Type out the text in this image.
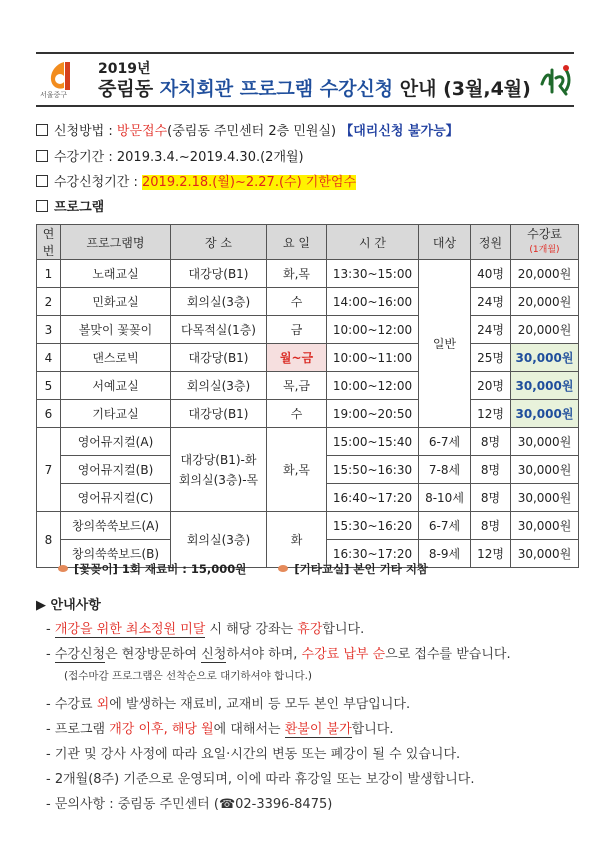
서울중구
2019년
중림동 자치회관 프로그램 수강신청 안내 (3월,4월)
신청방법 : 방문접수(중림동 주민센터 2층 민원실) 【대리신청 불가능】
수강기간 : 2019.3.4.~2019.4.30.(2개월)
수강신청기간 : 2019.2.18.(월)~2.27.(수) 기한엄수
프로그램
연번	프로그램명	장 소	요 일	시 간	대상	정원	수강료
(1개월)
1	노래교실	대강당(B1)	화,목	13:30~15:00	일반	40명	20,000원
2	민화교실	회의실(3층)	수	14:00~16:00		24명	20,000원
3	볼맞이 꽃꽂이	다목적실(1층)	금	10:00~12:00		24명	20,000원
4	댄스로빅	대강당(B1)	월~금	10:00~11:00		25명	30,000원
5	서예교실	회의실(3층)	목,금	10:00~12:00		20명	30,000원
6	기타교실	대강당(B1)	수	19:00~20:50		12명	30,000원
7	영어뮤지컬(A)	대강당(B1)-화
회의실(3층)-목	화,목	15:00~15:40	6-7세	8명	30,000원
	영어뮤지컬(B)			15:50~16:30	7-8세	8명	30,000원
	영어뮤지컬(C)			16:40~17:20	8-10세	8명	30,000원
8	창의쑥쑥보드(A)	회의실(3층)	화	15:30~16:20	6-7세	8명	30,000원
	창의쑥쑥보드(B)			16:30~17:20	8-9세	12명	30,000원
[꽃꽂이] 1회 재료비 : 15,000원	[기타교실] 본인 기타 지참
▶ 안내사항
- 개강을 위한 최소정원 미달 시 해당 강좌는 휴강합니다.
- 수강신청은 현장방문하여 신청하셔야 하며, 수강료 납부 순으로 접수를 받습니다.
(접수마감 프로그램은 선착순으로 대기하셔야 합니다.)
- 수강료 외에 발생하는 재료비, 교재비 등 모두 본인 부담입니다.
- 프로그램 개강 이후, 해당 월에 대해서는 환불이 불가합니다.
- 기관 및 강사 사정에 따라 요일·시간의 변동 또는 폐강이 될 수 있습니다.
- 2개월(8주) 기준으로 운영되며, 이에 따라 휴강일 또는 보강이 발생합니다.
- 문의사항 : 중림동 주민센터 (☎02-3396-8475)
